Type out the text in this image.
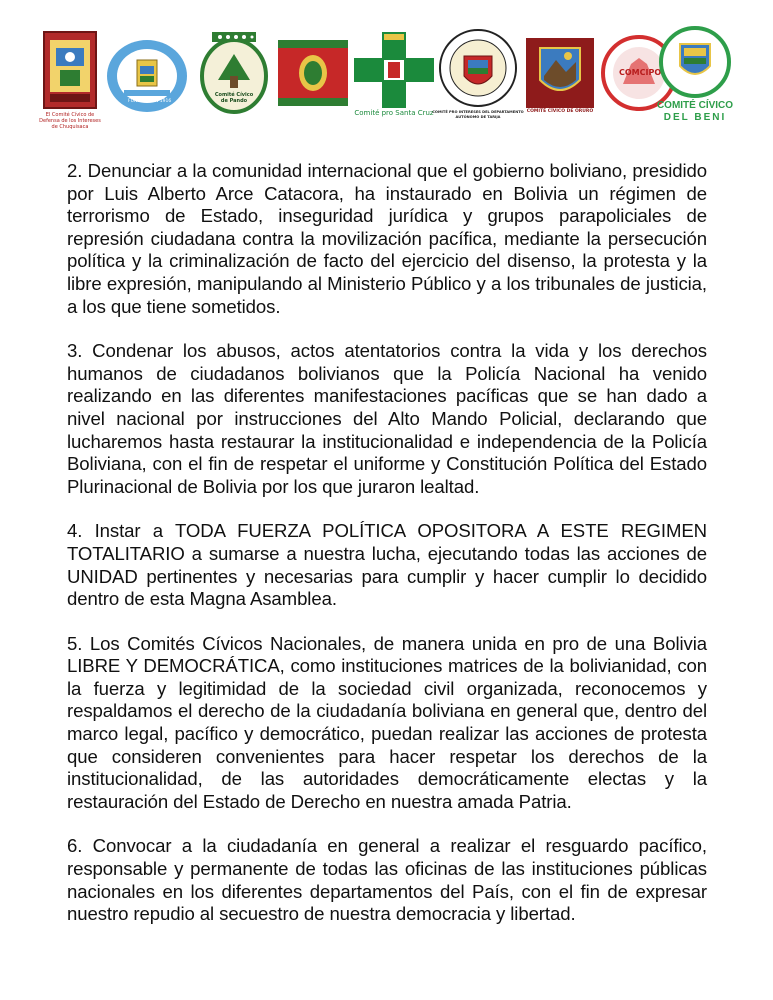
El Comité Cívico de Defensa de los Intereses de Chuquisaca
FUNDADO EN 1916
Comité Cívico de Pando
Comité pro Santa Cruz
COMITÉ PRO INTERESES DEL DEPARTAMENTO AUTÓNOMO DE TARIJA
COMITÉ CÍVICO DE ORURO
COMCIPO
COMITÉ CÍVICO
DEL BENI

2. Denunciar a la comunidad internacional que el gobierno boliviano, presidido por Luis Alberto Arce Catacora, ha instaurado en Bolivia un régimen de terrorismo de Estado, inseguridad jurídica y grupos parapoliciales de represión ciudadana contra la movilización pacífica, mediante la persecución política y la criminalización de facto del ejercicio del disenso, la protesta y la libre expresión, manipulando al Ministerio Público y a los tribunales de justicia, a los que tiene sometidos.

3. Condenar los abusos, actos atentatorios contra la vida y los derechos humanos de ciudadanos bolivianos que la Policía Nacional ha venido realizando en las diferentes manifestaciones pacíficas que se han dado a nivel nacional por instrucciones del Alto Mando Policial, declarando que lucharemos hasta restaurar la institucionalidad e independencia de la Policía Boliviana, con el fin de respetar el uniforme y Constitución Política del Estado Plurinacional de Bolivia por los que juraron lealtad.

4. Instar a TODA FUERZA POLÍTICA OPOSITORA A ESTE REGIMEN TOTALITARIO a sumarse a nuestra lucha, ejecutando todas las acciones de UNIDAD pertinentes y necesarias para cumplir y hacer cumplir lo decidido dentro de esta Magna Asamblea.

5. Los Comités Cívicos Nacionales, de manera unida en pro de una Bolivia LIBRE Y DEMOCRÁTICA, como instituciones matrices de la bolivianidad, con la fuerza y legitimidad de la sociedad civil organizada, reconocemos y respaldamos el derecho de la ciudadanía boliviana en general que, dentro del marco legal, pacífico y democrático, puedan realizar las acciones de protesta que consideren convenientes para hacer respetar los derechos de la institucionalidad, de las autoridades democráticamente electas y la restauración del Estado de Derecho en nuestra amada Patria.

6. Convocar a la ciudadanía en general a realizar el resguardo pacífico, responsable y permanente de todas las oficinas de las instituciones públicas nacionales en los diferentes departamentos del País, con el fin de expresar nuestro repudio al secuestro de nuestra democracia y libertad.
